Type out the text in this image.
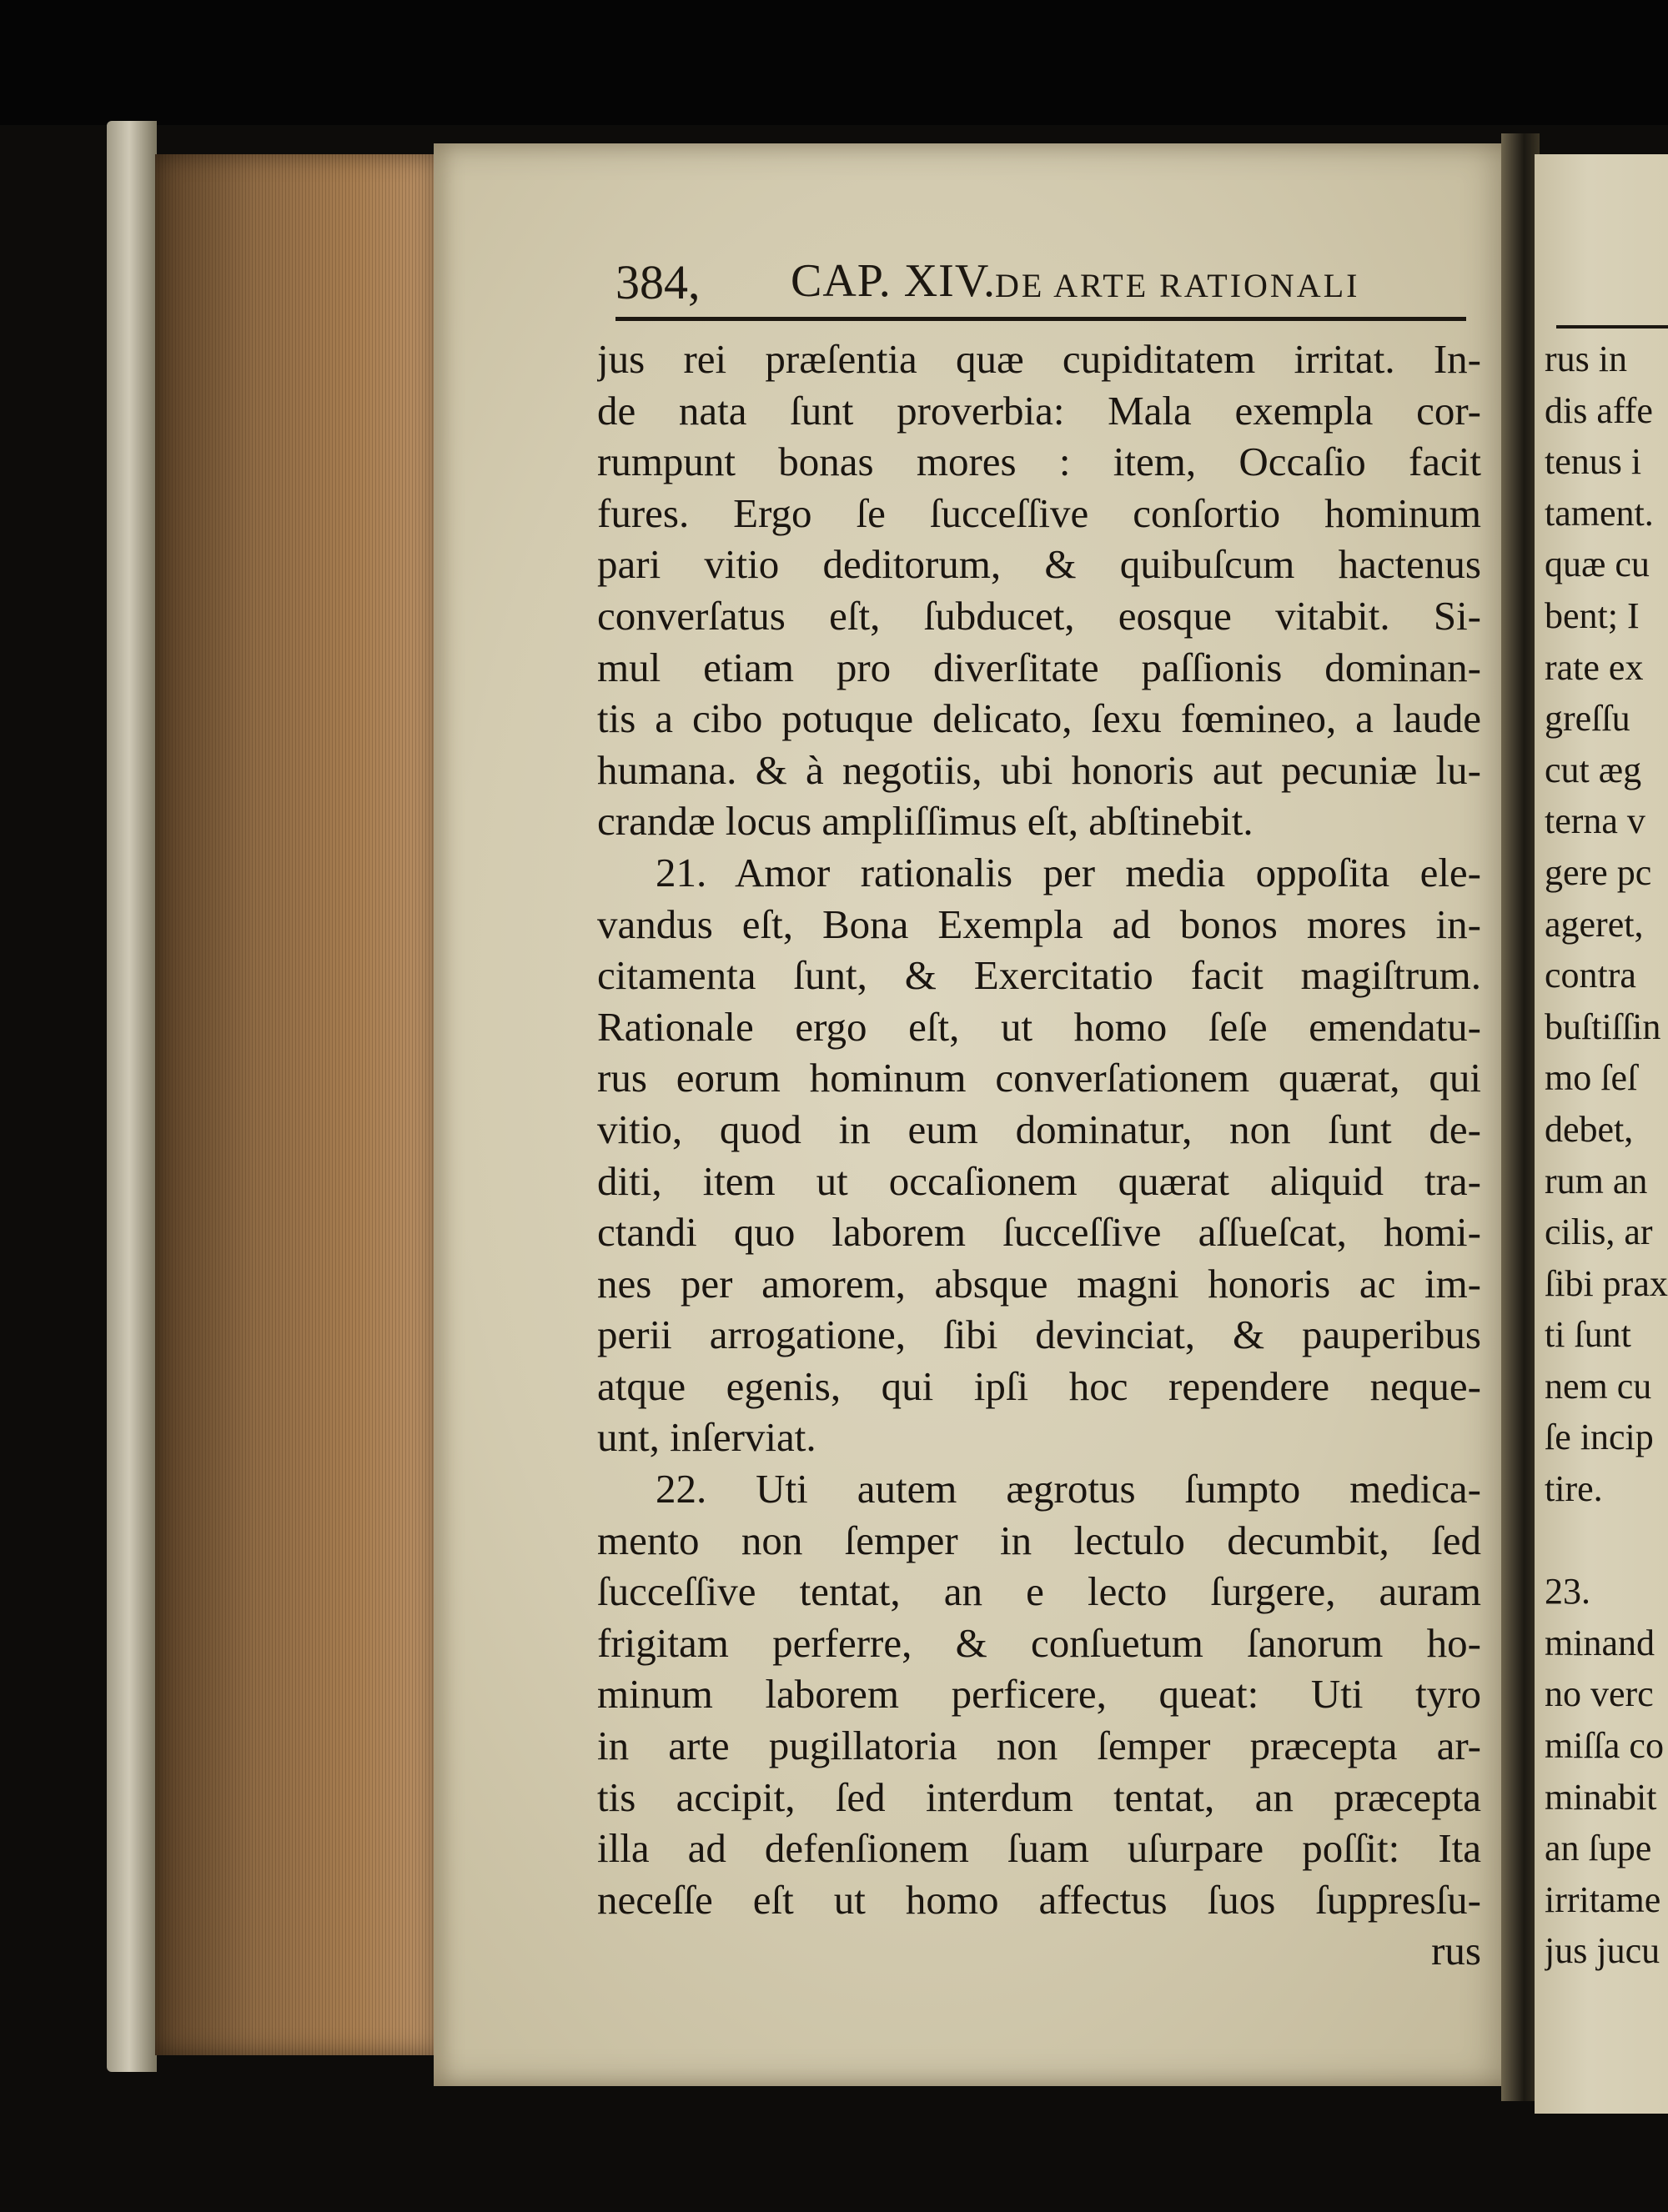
384, CAP. XIV.
DE ARTE RATIONALI
jus rei præſentia quæ cupiditatem irritat. In-
de nata ſunt proverbia: Mala exempla cor-
rumpunt bonas mores : item, Occaſio facit
fures. Ergo ſe ſucceſſive conſortio hominum
pari vitio deditorum, & quibuſcum hactenus
converſatus eſt, ſubducet, eosque vitabit. Si-
mul etiam pro diverſitate paſſionis dominan-
tis a cibo potuque delicato, ſexu fœmineo, a laude
humana. & à negotiis, ubi honoris aut pecuniæ lu-
crandæ locus ampliſſimus eſt, abſtinebit.
21. Amor rationalis per media oppoſita ele-
vandus eſt, Bona Exempla ad bonos mores in-
citamenta ſunt, & Exercitatio facit magiſtrum.
Rationale ergo eſt, ut homo ſeſe emendatu-
rus eorum hominum converſationem quærat, qui
vitio, quod in eum dominatur, non ſunt de-
diti, item ut occaſionem quærat aliquid tra-
ctandi quo laborem ſucceſſive aſſueſcat, homi-
nes per amorem, absque magni honoris ac im-
perii arrogatione, ſibi devinciat, & pauperibus
atque egenis, qui ipſi hoc rependere neque-
unt, inſerviat.
22. Uti autem ægrotus ſumpto medica-
mento non ſemper in lectulo decumbit, ſed
ſucceſſive tentat, an e lecto ſurgere, auram
frigitam perferre, & conſuetum ſanorum ho-
minum laborem perficere, queat: Uti tyro
in arte pugillatoria non ſemper præcepta ar-
tis accipit, ſed interdum tentat, an præcepta
illa ad defenſionem ſuam uſurpare poſſit: Ita
neceſſe eſt ut homo affectus ſuos ſuppresſu-
rus
rus in
dis affe
tenus i
tament.
quæ cu
bent; I
rate ex
greſſu
cut æg
terna v
gere pc
ageret,
contra
buſtiſſin
mo ſeſ
debet,
rum an
cilis, ar
ſibi prax
ti ſunt
nem cu
ſe incip
tire.
23.
minand
no verc
miſſa co
minabit
an ſupe
irritame
jus jucu
